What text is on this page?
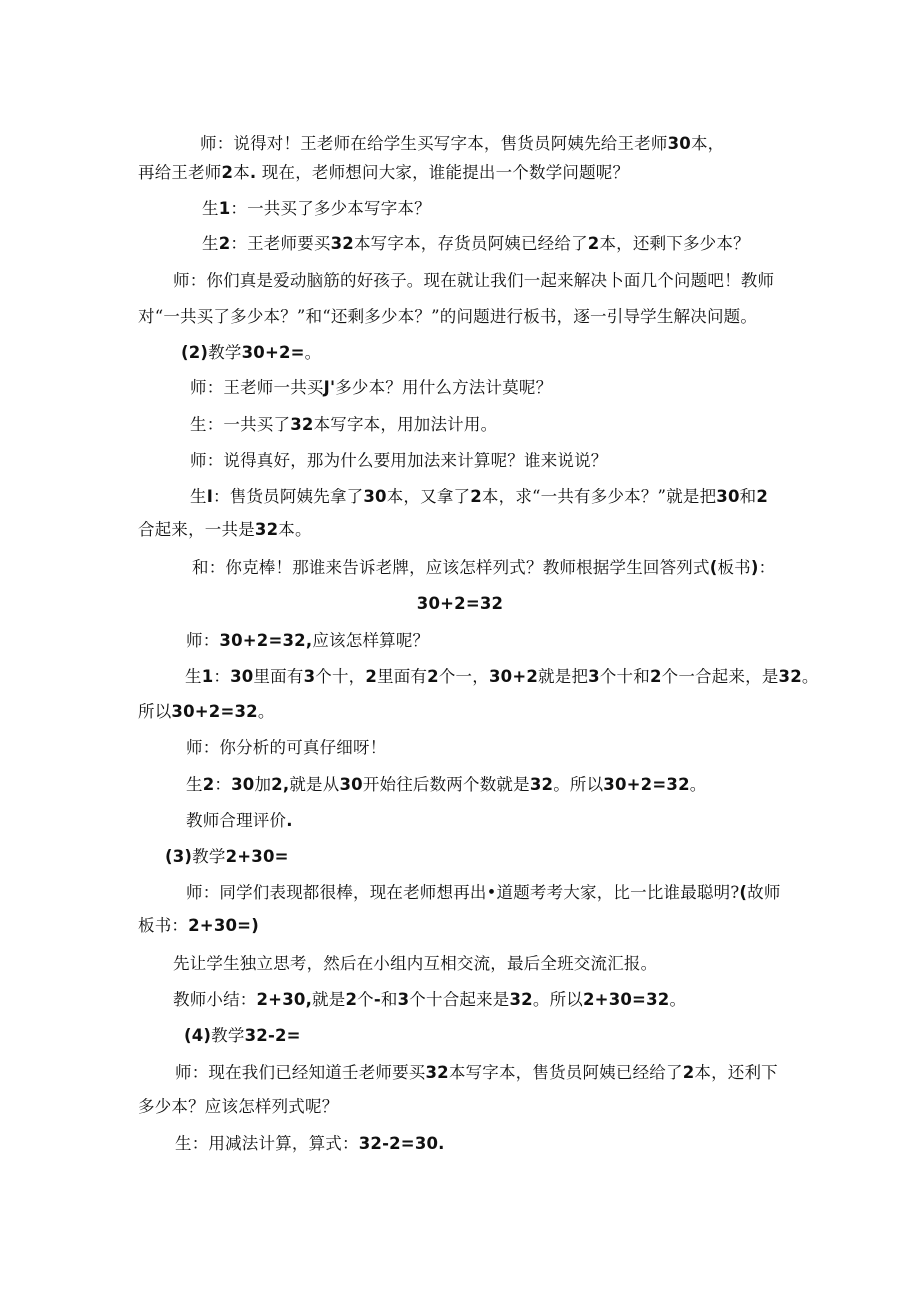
师：说得对！王老师在给学生买写字本，售货员阿姨先给王老师30本，
再给王老师2本. 现在，老师想问大家，谁能提出一个数学问题呢？
生1：一共买了多少本写字本？
生2：王老师要买32本写字本，存货员阿姨已经给了2本，还剩下多少本？
师：你们真是爱动脑筋的好孩子。现在就让我们一起来解决卜面几个问题吧！教师
对“一共买了多少本？”和“还剩多少本？”的问题进行板书，逐一引导学生解决问题。
(2)教学30+2=。
师：王老师一共买J'多少本？用什么方法计莫呢？
生：一共买了32本写字本，用加法计用。
师：说得真好，那为什么要用加法来计算呢？谁来说说？
生I：售货员阿姨先拿了30本，又拿了2本，求“一共有多少本？”就是把30和2
合起来，一共是32本。
和：你克棒！那谁来告诉老牌，应该怎样列式？教师根据学生回答列式(板书)：
30+2=32
师：30+2=32,应该怎样算呢？
生1：30里面有3个十，2里面有2个一，30+2就是把3个十和2个一合起来，是32。
所以30+2=32。
师：你分析的可真仔细呀！
生2：30加2,就是从30开始往后数两个数就是32。所以30+2=32。
教师合理评价.
(3)教学2+30=
师：同学们表现都很棒，现在老师想再出•道题考考大家，比一比谁最聪明?(故师
板书：2+30=)
先让学生独立思考，然后在小组内互相交流，最后全班交流汇报。
教师小结：2+30,就是2个-和3个十合起来是32。所以2+30=32。
(4)教学32-2=
师：现在我们已经知道壬老师要买32本写字本，售货员阿姨已经给了2本，还利下
多少本？应该怎样列式呢？
生：用减法计算，算式：32-2=30.
